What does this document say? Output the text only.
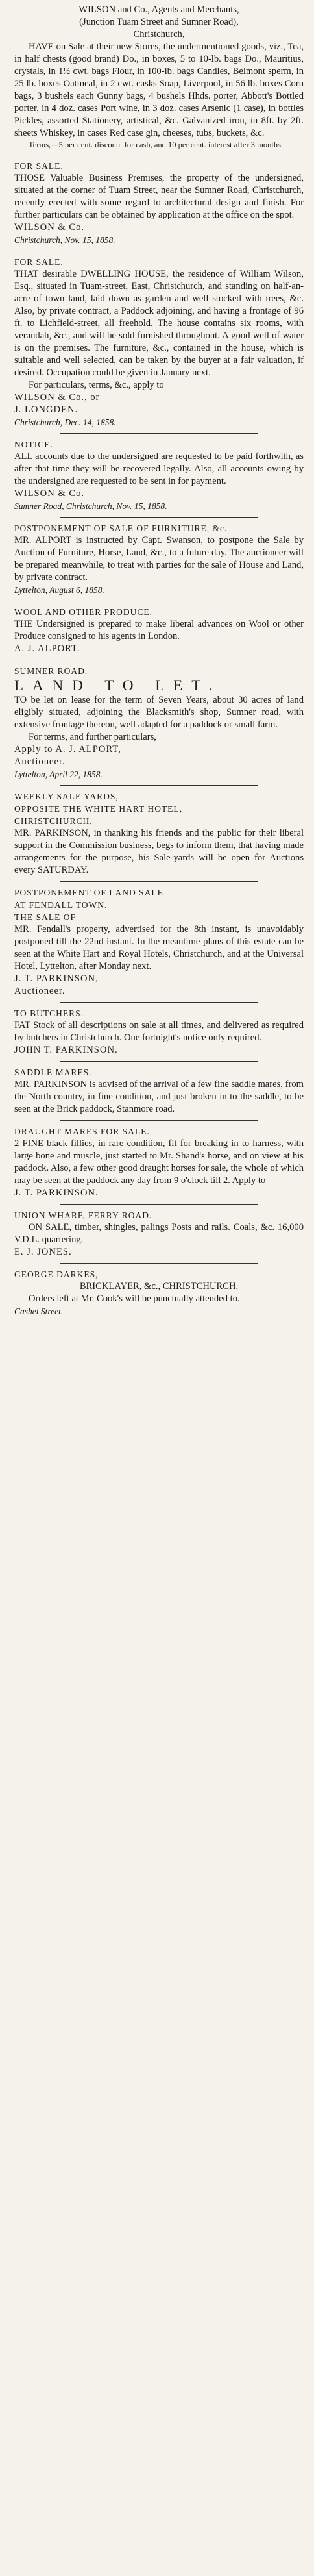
WILSON and Co., Agents and Merchants,

(Junction Tuam Street and Sumner Road),

Christchurch,

HAVE on Sale at their new Stores, the undermentioned goods, viz., Tea, in half chests (good brand) Do., in boxes, 5 to 10-lb. bags Do., Mauritius, crystals, in 1½ cwt. bags Flour, in 100-lb. bags Candles, Belmont sperm, in 25 lb. boxes Oatmeal, in 2 cwt. casks Soap, Liverpool, in 56 lb. boxes Corn bags, 3 bushels each Gunny bags, 4 bushels Hhds. porter, Abbott's Bottled porter, in 4 doz. cases Port wine, in 3 doz. cases Arsenic (1 case), in bottles Pickles, assorted Stationery, artistical, &c. Galvanized iron, in 8ft. by 2ft. sheets Whiskey, in cases Red case gin, cheeses, tubs, buckets, &c.

Terms,—5 per cent. discount for cash, and 10 per cent. interest after 3 months.

FOR SALE.

THOSE Valuable Business Premises, the property of the undersigned, situated at the corner of Tuam Street, near the Sumner Road, Christchurch, recently erected with some regard to architectural design and finish. For further particulars can be obtained by application at the office on the spot.

WILSON & Co.

Christchurch, Nov. 15, 1858.

FOR SALE.

THAT desirable DWELLING HOUSE, the residence of William Wilson, Esq., situated in Tuam-street, East, Christchurch, and standing on half-an-acre of town land, laid down as garden and well stocked with trees, &c. Also, by private contract, a Paddock adjoining, and having a frontage of 96 ft. to Lichfield-street, all freehold. The house contains six rooms, with verandah, &c., and will be sold furnished throughout. A good well of water is on the premises. The furniture, &c., contained in the house, which is suitable and well selected, can be taken by the buyer at a fair valuation, if desired. Occupation could be given in January next.

For particulars, terms, &c., apply to

WILSON & Co., or

J. LONGDEN.

Christchurch, Dec. 14, 1858.

NOTICE.

ALL accounts due to the undersigned are requested to be paid forthwith, as after that time they will be recovered legally. Also, all accounts owing by the undersigned are requested to be sent in for payment.

WILSON & Co.

Sumner Road, Christchurch, Nov. 15, 1858.

POSTPONEMENT OF SALE OF FURNITURE, &c.

MR. ALPORT is instructed by Capt. Swanson, to postpone the Sale by Auction of Furniture, Horse, Land, &c., to a future day. The auctioneer will be prepared meanwhile, to treat with parties for the sale of House and Land, by private contract.

Lyttelton, August 6, 1858.

WOOL AND OTHER PRODUCE.

THE Undersigned is prepared to make liberal advances on Wool or other Produce consigned to his agents in London.

A. J. ALPORT.

SUMNER ROAD.

LAND TO LET.

TO be let on lease for the term of Seven Years, about 30 acres of land eligibly situated, adjoining the Blacksmith's shop, Sumner road, with extensive frontage thereon, well adapted for a paddock or small farm.

For terms, and further particulars,

Apply to A. J. ALPORT,

Auctioneer.

Lyttelton, April 22, 1858.

WEEKLY SALE YARDS,

OPPOSITE THE WHITE HART HOTEL,

CHRISTCHURCH.

MR. PARKINSON, in thanking his friends and the public for their liberal support in the Commission business, begs to inform them, that having made arrangements for the purpose, his Sale-yards will be open for Auctions every SATURDAY.

POSTPONEMENT OF LAND SALE

AT FENDALL TOWN.

THE SALE OF

MR. Fendall's property, advertised for the 8th instant, is unavoidably postponed till the 22nd instant. In the meantime plans of this estate can be seen at the White Hart and Royal Hotels, Christchurch, and at the Universal Hotel, Lyttelton, after Monday next.

J. T. PARKINSON,

Auctioneer.

TO BUTCHERS.

FAT Stock of all descriptions on sale at all times, and delivered as required by butchers in Christchurch. One fortnight's notice only required.

JOHN T. PARKINSON.

SADDLE MARES.

MR. PARKINSON is advised of the arrival of a few fine saddle mares, from the North country, in fine condition, and just broken in to the saddle, to be seen at the Brick paddock, Stanmore road.

DRAUGHT MARES FOR SALE.

2 FINE black fillies, in rare condition, fit for breaking in to harness, with large bone and muscle, just started to Mr. Shand's horse, and on view at his paddock. Also, a few other good draught horses for sale, the whole of which may be seen at the paddock any day from 9 o'clock till 2. Apply to

J. T. PARKINSON.

UNION WHARF, FERRY ROAD.

ON SALE, timber, shingles, palings Posts and rails. Coals, &c. 16,000 V.D.L. quartering.

E. J. JONES.

GEORGE DARKES,

BRICKLAYER, &c., CHRISTCHURCH.

Orders left at Mr. Cook's will be punctually attended to.

Cashel Street.
